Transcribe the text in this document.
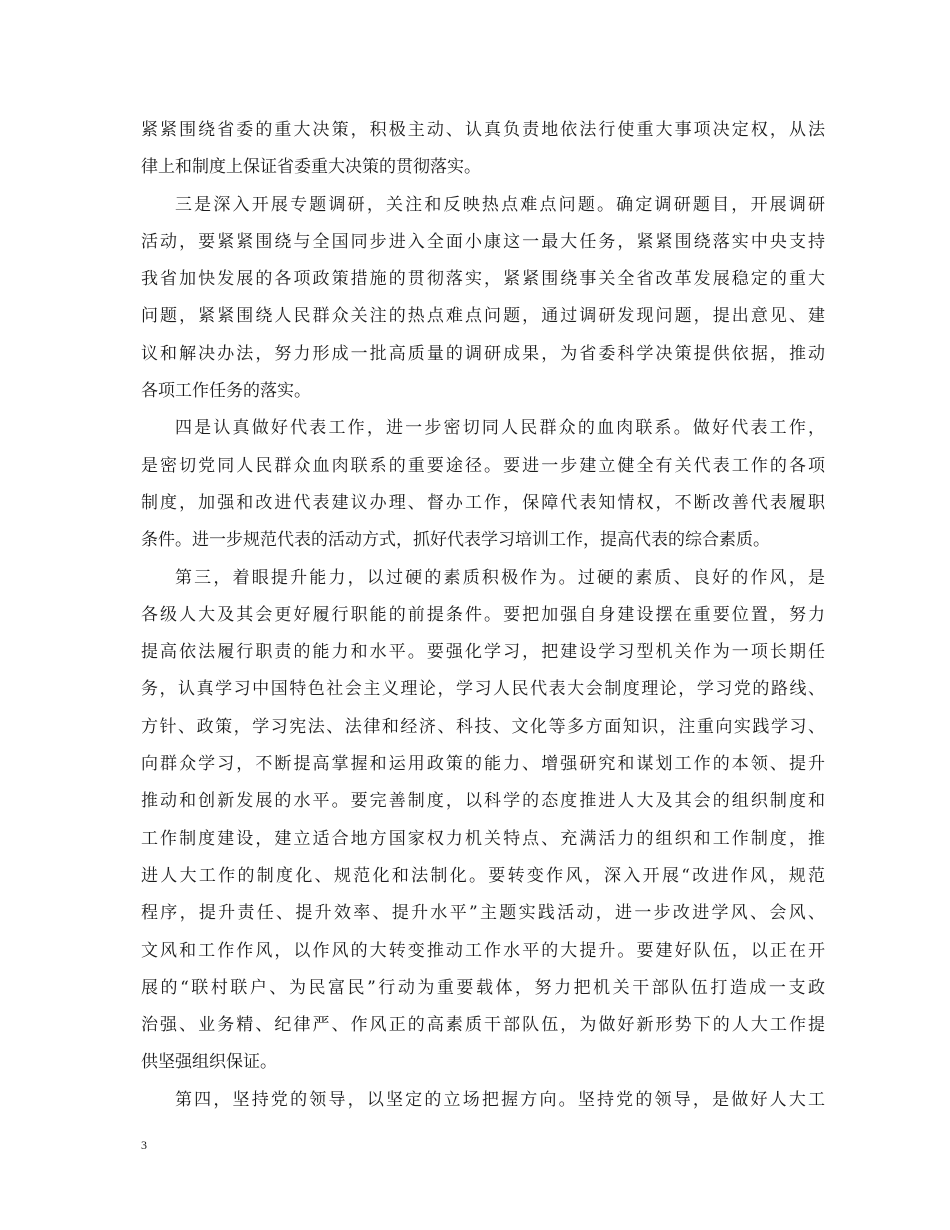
紧紧围绕省委的重大决策，积极主动、认真负责地依法行使重大事项决定权，从法
律上和制度上保证省委重大决策的贯彻落实。
三是深入开展专题调研，关注和反映热点难点问题。确定调研题目，开展调研
活动，要紧紧围绕与全国同步进入全面小康这一最大任务，紧紧围绕落实中央支持
我省加快发展的各项政策措施的贯彻落实，紧紧围绕事关全省改革发展稳定的重大
问题，紧紧围绕人民群众关注的热点难点问题，通过调研发现问题，提出意见、建
议和解决办法，努力形成一批高质量的调研成果，为省委科学决策提供依据，推动
各项工作任务的落实。
四是认真做好代表工作，进一步密切同人民群众的血肉联系。做好代表工作，
是密切党同人民群众血肉联系的重要途径。要进一步建立健全有关代表工作的各项
制度，加强和改进代表建议办理、督办工作，保障代表知情权，不断改善代表履职
条件。进一步规范代表的活动方式，抓好代表学习培训工作，提高代表的综合素质。
第三，着眼提升能力，以过硬的素质积极作为。过硬的素质、良好的作风，是
各级人大及其会更好履行职能的前提条件。要把加强自身建设摆在重要位置，努力
提高依法履行职责的能力和水平。要强化学习，把建设学习型机关作为一项长期任
务，认真学习中国特色社会主义理论，学习人民代表大会制度理论，学习党的路线、
方针、政策，学习宪法、法律和经济、科技、文化等多方面知识，注重向实践学习、
向群众学习，不断提高掌握和运用政策的能力、增强研究和谋划工作的本领、提升
推动和创新发展的水平。要完善制度，以科学的态度推进人大及其会的组织制度和
工作制度建设，建立适合地方国家权力机关特点、充满活力的组织和工作制度，推
进人大工作的制度化、规范化和法制化。要转变作风，深入开展“改进作风，规范
程序，提升责任、提升效率、提升水平”主题实践活动，进一步改进学风、会风、
文风和工作作风，以作风的大转变推动工作水平的大提升。要建好队伍，以正在开
展的“联村联户、为民富民”行动为重要载体，努力把机关干部队伍打造成一支政
治强、业务精、纪律严、作风正的高素质干部队伍，为做好新形势下的人大工作提
供坚强组织保证。
第四，坚持党的领导，以坚定的立场把握方向。坚持党的领导，是做好人大工
3
